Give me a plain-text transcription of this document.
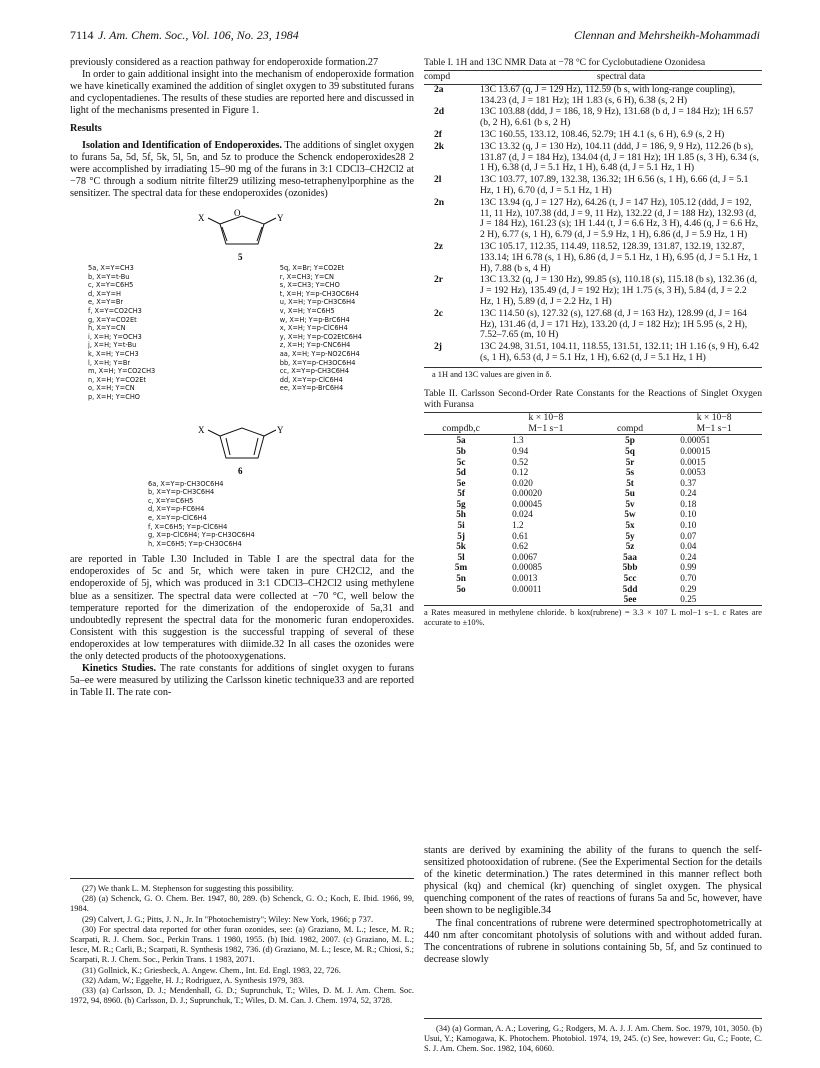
7114 J. Am. Chem. Soc., Vol. 106, No. 23, 1984	Clennan and Mehrsheikh-Mohammadi

previously considered as a reaction pathway for endoperoxide formation.27

In order to gain additional insight into the mechanism of endoperoxide formation we have kinetically examined the addition of singlet oxygen to 39 substituted furans and cyclopentadienes. The results of these studies are reported here and discussed in light of the mechanisms presented in Figure 1.

Results

Isolation and Identification of Endoperoxides. The additions of singlet oxygen to furans 5a, 5d, 5f, 5k, 5l, 5n, and 5z to produce the Schenck endoperoxides28 2 were accomplished by irradiating 15–90 mg of the furans in 3:1 CDCl3–CH2Cl2 at −78 °C through a sodium nitrite filter29 utilizing meso-tetraphenylporphine as the sensitizer. The spectral data for these endoperoxides (ozonides)

O
X	Y
5
5a, X=Y=CH3
b, X=Y=t-Bu
c, X=Y=C6H5
d, X=Y=H
e, X=Y=Br
f, X=Y=CO2CH3
g, X=Y=CO2Et
h, X=Y=CN
i, X=H; Y=OCH3
j, X=H; Y=t-Bu
k, X=H; Y=CH3
l, X=H; Y=Br
m, X=H; Y=CO2CH3
n, X=H; Y=CO2Et
o, X=H; Y=CN
p, X=H; Y=CHO
5q, X=Br; Y=CO2Et
r, X=CH3; Y=CN
s, X=CH3; Y=CHO
t, X=H; Y=p-CH3OC6H4
u, X=H; Y=p-CH3C6H4
v, X=H; Y=C6H5
w, X=H; Y=p-BrC6H4
x, X=H; Y=p-ClC6H4
y, X=H; Y=p-CO2EtC6H4
z, X=H; Y=p-CNC6H4
aa, X=H; Y=p-NO2C6H4
bb, X=Y=p-CH3OC6H4
cc, X=Y=p-CH3C6H4
dd, X=Y=p-ClC6H4
ee, X=Y=p-BrC6H4
X	Y
6
6a, X=Y=p-CH3OC6H4
b, X=Y=p-CH3C6H4
c, X=Y=C6H5
d, X=Y=p-FC6H4
e, X=Y=p-ClC6H4
f, X=C6H5; Y=p-ClC6H4
g, X=p-ClC6H4; Y=p-CH3OC6H4
h, X=C6H5; Y=p-CH3OC6H4

are reported in Table I.30 Included in Table I are the spectral data for the endoperoxides of 5c and 5r, which were taken in pure CH2Cl2, and the endoperoxide of 5j, which was produced in 3:1 CDCl3–CH2Cl2 using methylene blue as a sensitizer. The spectral data were collected at −70 °C, well below the temperature reported for the dimerization of the endoperoxide of 5a,31 and undoubtedly represent the spectral data for the monomeric furan endoperoxides. Consistent with this suggestion is the successful trapping of several of these endoperoxides at low temperatures with diimide.32 In all cases the ozonides were the only detected products of the photooxygenations.

Kinetics Studies. The rate constants for additions of singlet oxygen to furans 5a–ee were measured by utilizing the Carlsson kinetic technique33 and are reported in Table II. The rate con-

(27) We thank L. M. Stephenson for suggesting this possibility.

(28) (a) Schenck, G. O. Chem. Ber. 1947, 80, 289. (b) Schenck, G. O.; Koch, E. Ibid. 1966, 99, 1984.

(29) Calvert, J. G.; Pitts, J. N., Jr. In "Photochemistry"; Wiley: New York, 1966; p 737.

(30) For spectral data reported for other furan ozonides, see: (a) Graziano, M. L.; Iesce, M. R.; Scarpati, R. J. Chem. Soc., Perkin Trans. 1 1980, 1955. (b) Ibid. 1982, 2007. (c) Graziano, M. L.; Iesce, M. R.; Carli, B.; Scarpati, R. Synthesis 1982, 736. (d) Graziano, M. L.; Iesce, M. R.; Chiosi, S.; Scarpati, R. J. Chem. Soc., Perkin Trans. 1 1983, 2071.

(31) Gollnick, K.; Griesbeck, A. Angew. Chem., Int. Ed. Engl. 1983, 22, 726.

(32) Adam, W.; Eggelte, H. J.; Rodriguez, A. Synthesis 1979, 383.

(33) (a) Carlsson, D. J.; Mendenhall, G. D.; Suprunchuk, T.; Wiles, D. M. J. Am. Chem. Soc. 1972, 94, 8960. (b) Carlsson, D. J.; Suprunchuk, T.; Wiles, D. M. Can. J. Chem. 1974, 52, 3728.

Table I. 1H and 13C NMR Data at −78 °C for Cyclobutadiene Ozonidesa
compd	spectral data
2a	13C 13.67 (q, J = 129 Hz), 112.59 (b s, with long-range coupling), 134.23 (d, J = 181 Hz); 1H 1.83 (s, 6 H), 6.38 (s, 2 H)
2d	13C 103.88 (ddd, J = 186, 18, 9 Hz), 131.68 (b d, J = 184 Hz); 1H 6.57 (b, 2 H), 6.61 (b s, 2 H)
2f	13C 160.55, 133.12, 108.46, 52.79; 1H 4.1 (s, 6 H), 6.9 (s, 2 H)
2k	13C 13.32 (q, J = 130 Hz), 104.11 (ddd, J = 186, 9, 9 Hz), 112.26 (b s), 131.87 (d, J = 184 Hz), 134.04 (d, J = 181 Hz); 1H 1.85 (s, 3 H), 6.34 (s, 1 H), 6.38 (d, J = 5.1 Hz, 1 H), 6.48 (d, J = 5.1 Hz, 1 H)
2l	13C 103.77, 107.89, 132.38, 136.32; 1H 6.56 (s, 1 H), 6.66 (d, J = 5.1 Hz, 1 H), 6.70 (d, J = 5.1 Hz, 1 H)
2n	13C 13.94 (q, J = 127 Hz), 64.26 (t, J = 147 Hz), 105.12 (ddd, J = 192, 11, 11 Hz), 107.38 (dd, J = 9, 11 Hz), 132.22 (d, J = 188 Hz), 132.93 (d, J = 184 Hz), 161.23 (s); 1H 1.44 (t, J = 6.6 Hz, 3 H), 4.46 (q, J = 6.6 Hz, 2 H), 6.77 (s, 1 H), 6.79 (d, J = 5.9 Hz, 1 H), 6.86 (d, J = 5.9 Hz, 1 H)
2z	13C 105.17, 112.35, 114.49, 118.52, 128.39, 131.87, 132.19, 132.87, 133.14; 1H 6.78 (s, 1 H), 6.86 (d, J = 5.1 Hz, 1 H), 6.95 (d, J = 5.1 Hz, 1 H), 7.88 (b s, 4 H)
2r	13C 13.32 (q, J = 130 Hz), 99.85 (s), 110.18 (s), 115.18 (b s), 132.36 (d, J = 192 Hz), 135.49 (d, J = 192 Hz); 1H 1.75 (s, 3 H), 5.84 (d, J = 2.2 Hz, 1 H), 5.89 (d, J = 2.2 Hz, 1 H)
2c	13C 114.50 (s), 127.32 (s), 127.68 (d, J = 163 Hz), 128.99 (d, J = 164 Hz), 131.46 (d, J = 171 Hz), 133.20 (d, J = 182 Hz); 1H 5.95 (s, 2 H), 7.52–7.65 (m, 10 H)
2j	13C 24.98, 31.51, 104.11, 118.55, 131.51, 132.11; 1H 1.16 (s, 9 H), 6.42 (s, 1 H), 6.53 (d, J = 5.1 Hz, 1 H), 6.62 (d, J = 5.1 Hz, 1 H)
a 1H and 13C values are given in δ.
Table II. Carlsson Second-Order Rate Constants for the Reactions of Singlet Oxygen with Furansa
	k × 10−8		k × 10−8
compdb,c	M−1 s−1	compd	M−1 s−1
5a	1.3	5p	0.00051
5b	0.94	5q	0.00015
5c	0.52	5r	0.0015
5d	0.12	5s	0.0053
5e	0.020	5t	0.37
5f	0.00020	5u	0.24
5g	0.00045	5v	0.18
5h	0.024	5w	0.10
5i	1.2	5x	0.10
5j	0.61	5y	0.07
5k	0.62	5z	0.04
5l	0.0067	5aa	0.24
5m	0.00085	5bb	0.99
5n	0.0013	5cc	0.70
5o	0.00011	5dd	0.29
		5ee	0.25
a Rates measured in methylene chloride. b kox(rubrene) = 3.3 × 107 L mol−1 s−1. c Rates are accurate to ±10%.

stants are derived by examining the ability of the furans to quench the self-sensitized photooxidation of rubrene. (See the Experimental Section for the details of the kinetic determination.) The rates determined in this manner reflect both physical (kq) and chemical (kr) quenching of singlet oxygen. The physical quenching component of the rates of reactions of furans 5a and 5c, however, have been shown to be negligible.34

The final concentrations of rubrene were determined spectrophotometrically at 440 nm after concomitant photolysis of solutions with and without added furan. The concentrations of rubrene in solutions containing 5b, 5f, and 5z continued to decrease slowly

(34) (a) Gorman, A. A.; Lovering, G.; Rodgers, M. A. J. J. Am. Chem. Soc. 1979, 101, 3050. (b) Usui, Y.; Kamogawa, K. Photochem. Photobiol. 1974, 19, 245. (c) See, however: Gu, C.; Foote, C. S. J. Am. Chem. Soc. 1982, 104, 6060.
